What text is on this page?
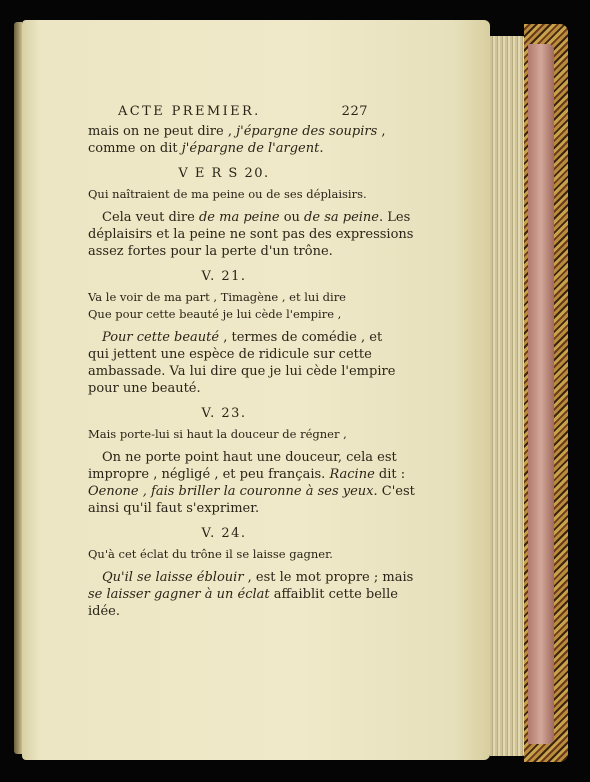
ACTE PREMIER.	227
mais on ne peut dire , j'épargne des soupirs ,
comme on dit j'épargne de l'argent.
V E R S 20.
Qui naîtraient de ma peine ou de ses déplaisirs.
Cela veut dire de ma peine ou de sa peine. Les
déplaisirs et la peine ne sont pas des expressions
assez fortes pour la perte d'un trône.
V. 21.
Va le voir de ma part , Timagène , et lui dire
Que pour cette beauté je lui cède l'empire ,
Pour cette beauté , termes de comédie , et
qui jettent une espèce de ridicule sur cette
ambassade. Va lui dire que je lui cède l'empire
pour une beauté.
V. 23.
Mais porte-lui si haut la douceur de régner ,
On ne porte point haut une douceur, cela est
impropre , négligé , et peu français. Racine dit :
Oenone , fais briller la couronne à ses yeux. C'est
ainsi qu'il faut s'exprimer.
V. 24.
Qu'à cet éclat du trône il se laisse gagner.
Qu'il se laisse éblouir , est le mot propre ; mais
se laisser gagner à un éclat affaiblit cette belle
idée.
